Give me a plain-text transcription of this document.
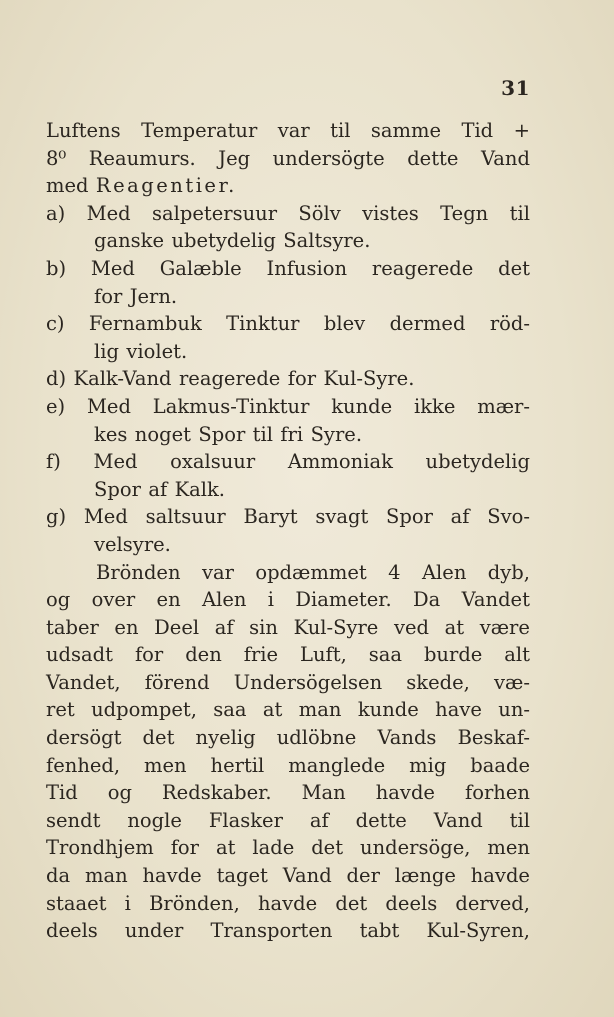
31
Luftens Temperatur var til samme Tid +
8⁰ Reaumurs. Jeg undersögte dette Vand
med Reagentier.
a) Med salpetersuur Sölv vistes Tegn til
ganske ubetydelig Saltsyre.
b) Med Galæble Infusion reagerede det
for Jern.
c) Fernambuk Tinktur blev dermed röd-
lig violet.
d) Kalk-Vand reagerede for Kul-Syre.
e) Med Lakmus-Tinktur kunde ikke mær-
kes noget Spor til fri Syre.
f) Med oxalsuur Ammoniak ubetydelig
Spor af Kalk.
g) Med saltsuur Baryt svagt Spor af Svo-
velsyre.
Brönden var opdæmmet 4 Alen dyb,
og over en Alen i Diameter. Da Vandet
taber en Deel af sin Kul-Syre ved at være
udsadt for den frie Luft, saa burde alt
Vandet, förend Undersögelsen skede, væ-
ret udpompet, saa at man kunde have un-
dersögt det nyelig udlöbne Vands Beskaf-
fenhed, men hertil manglede mig baade
Tid og Redskaber. Man havde forhen
sendt nogle Flasker af dette Vand til
Trondhjem for at lade det undersöge, men
da man havde taget Vand der længe havde
staaet i Brönden, havde det deels derved,
deels under Transporten tabt Kul-Syren,
